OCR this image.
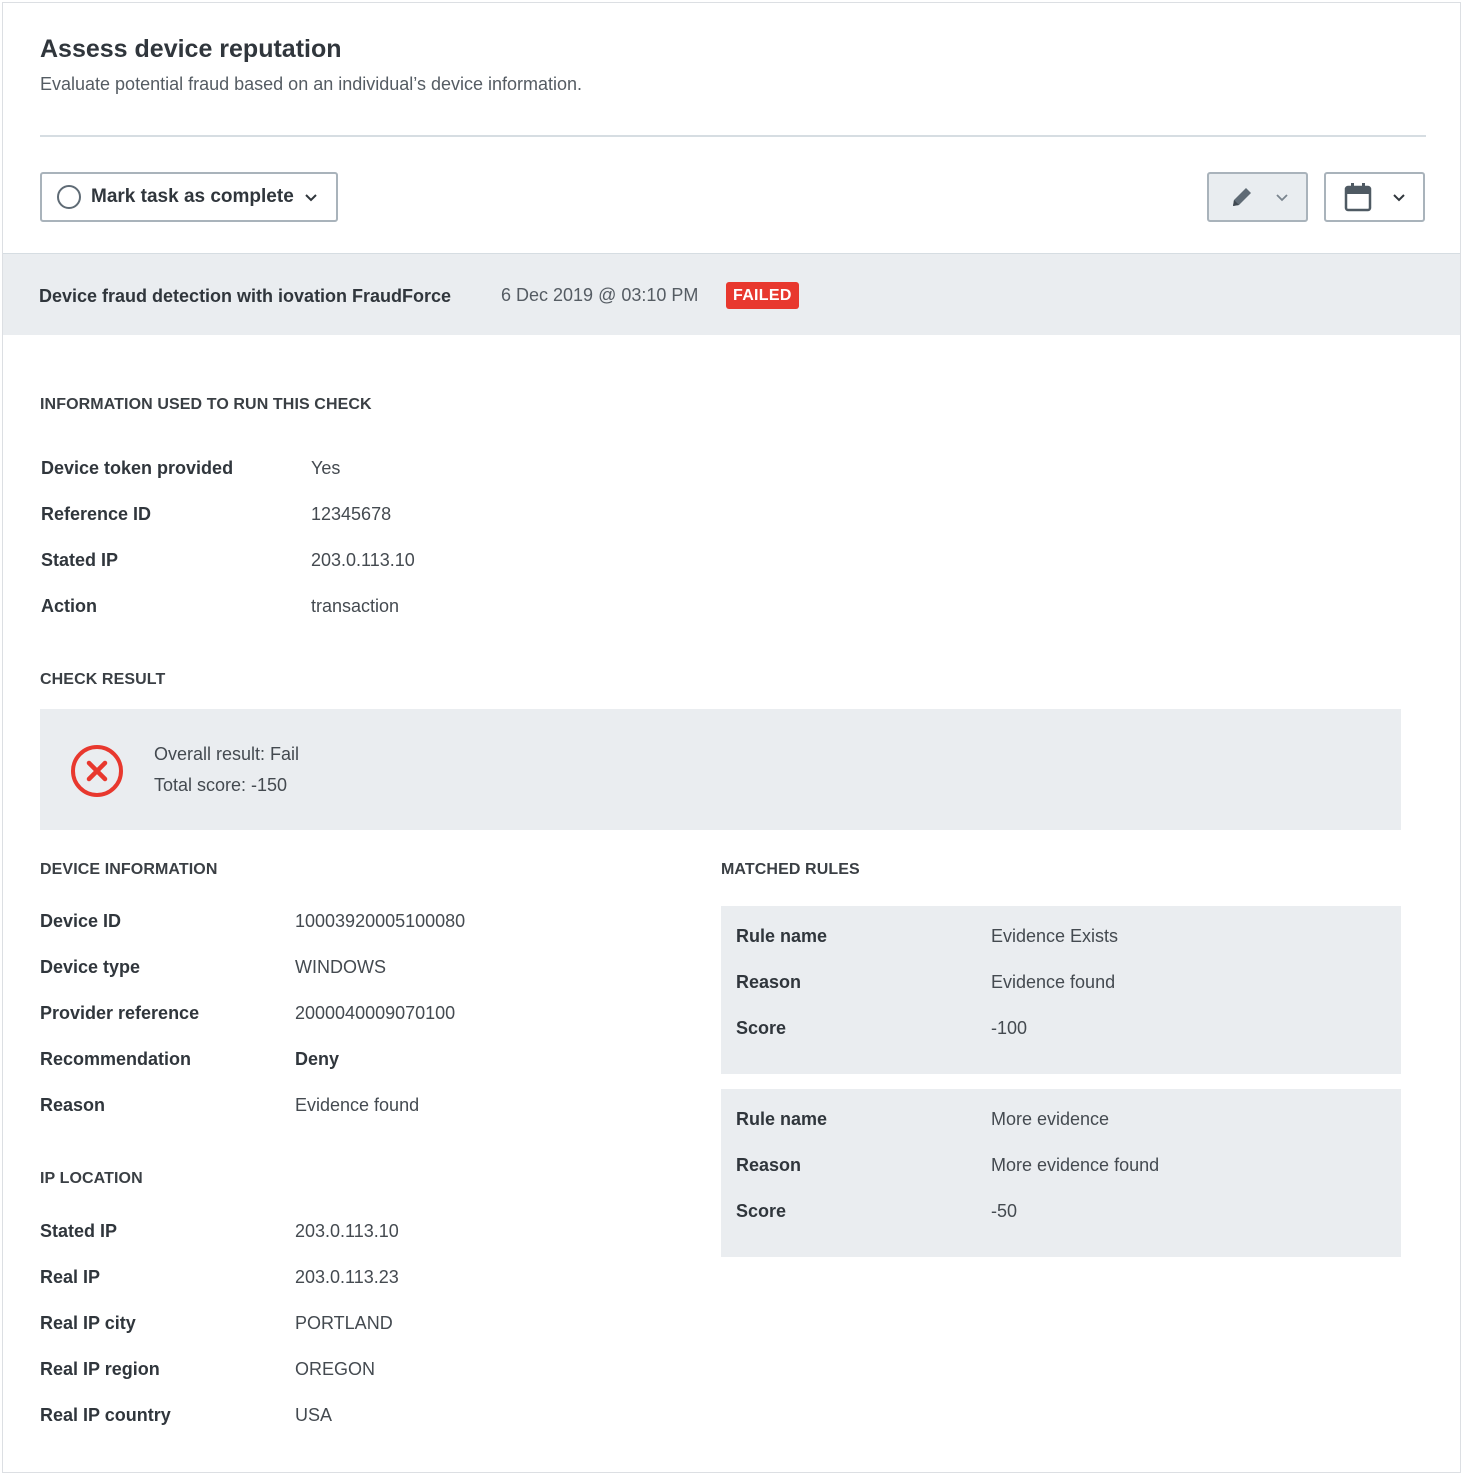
Assess device reputation
Evaluate potential fraud based on an individual’s device information.
Mark task as complete
Device fraud detection with iovation FraudForce	6 Dec 2019 @ 03:10 PM	FAILED
INFORMATION USED TO RUN THIS CHECK
Device token provided	Yes
Reference ID	12345678
Stated IP	203.0.113.10
Action	transaction
CHECK RESULT
Overall result: Fail
Total score: -150
DEVICE INFORMATION
Device ID	10003920005100080
Device type	WINDOWS
Provider reference	2000040009070100
Recommendation	Deny
Reason	Evidence found
IP LOCATION
Stated IP	203.0.113.10
Real IP	203.0.113.23
Real IP city	PORTLAND
Real IP region	OREGON
Real IP country	USA
MATCHED RULES
Rule name	Evidence Exists
Reason	Evidence found
Score	-100
Rule name	More evidence
Reason	More evidence found
Score	-50
